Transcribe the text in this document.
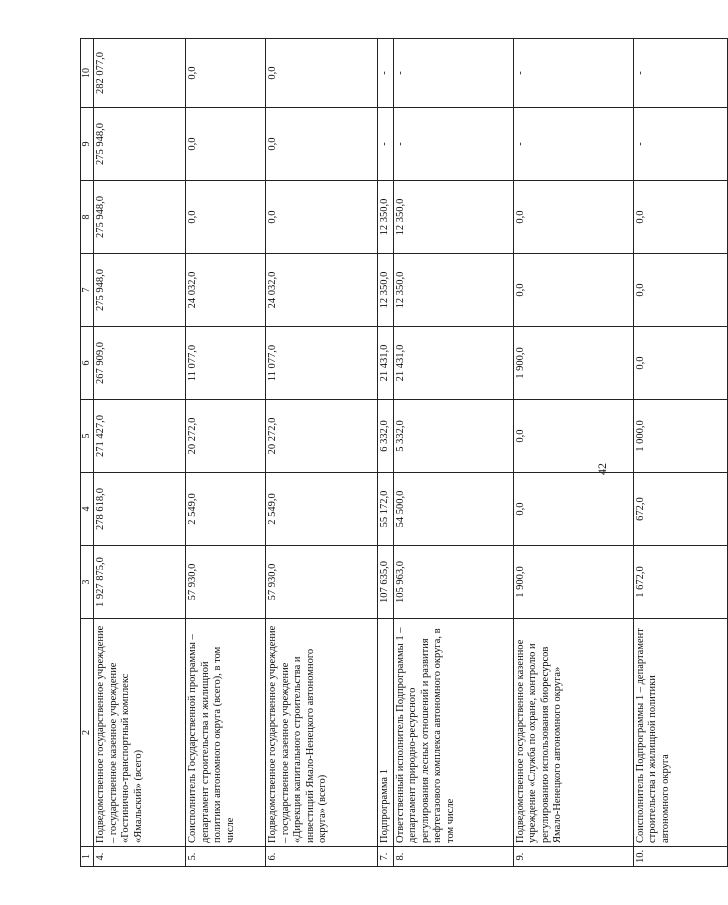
42
1	2	3	4	5	6	7	8	9	10
4.	Подведомственное государственное учреждение – государственное казенное учреждение «Гостинично-транспортный комплекс «Ямальский» (всего)	1 927 875,0	278 618,0	271 427,0	267 909,0	275 948,0	275 948,0	275 948,0	282 077,0

5.	Соисполнитель Государственной программы – департамент строительства и жилищной политики автономного округа (всего), в том числе	57 930,0	2 549,0	20 272,0	11 077,0	24 032,0	0,0	0,0	0,0

6.	Подведомственное государственное учреждение – государственное казенное учреждение «Дирекция капитального строительства и инвестиций Ямало-Ненецкого автономного округа» (всего)	57 930,0	2 549,0	20 272,0	11 077,0	24 032,0	0,0	0,0	0,0

7.	Подпрограмма 1	107 635,0	55 172,0	6 332,0	21 431,0	12 350,0	12 350,0	-	-

8.	Ответственный исполнитель Подпрограммы 1 – департамент природно-ресурсного регулирования лесных отношений и развития нефтегазового комплекса автономного округа, в том числе	105 963,0	54 500,0	5 332,0	21 431,0	12 350,0	12 350,0	-	-

9.	Подведомственное государственное казенное учреждение «Служба по охране, контролю и регулированию использования биоресурсов Ямало-Ненецкого автономного округа»	1 900,0	0,0	0,0	1 900,0	0,0	0,0	-	-

10.	Соисполнитель Подпрограммы 1 – департамент строительства и жилищной политики автономного округа	1 672,0	672,0	1 000,0	0,0	0,0	0,0	-	-
